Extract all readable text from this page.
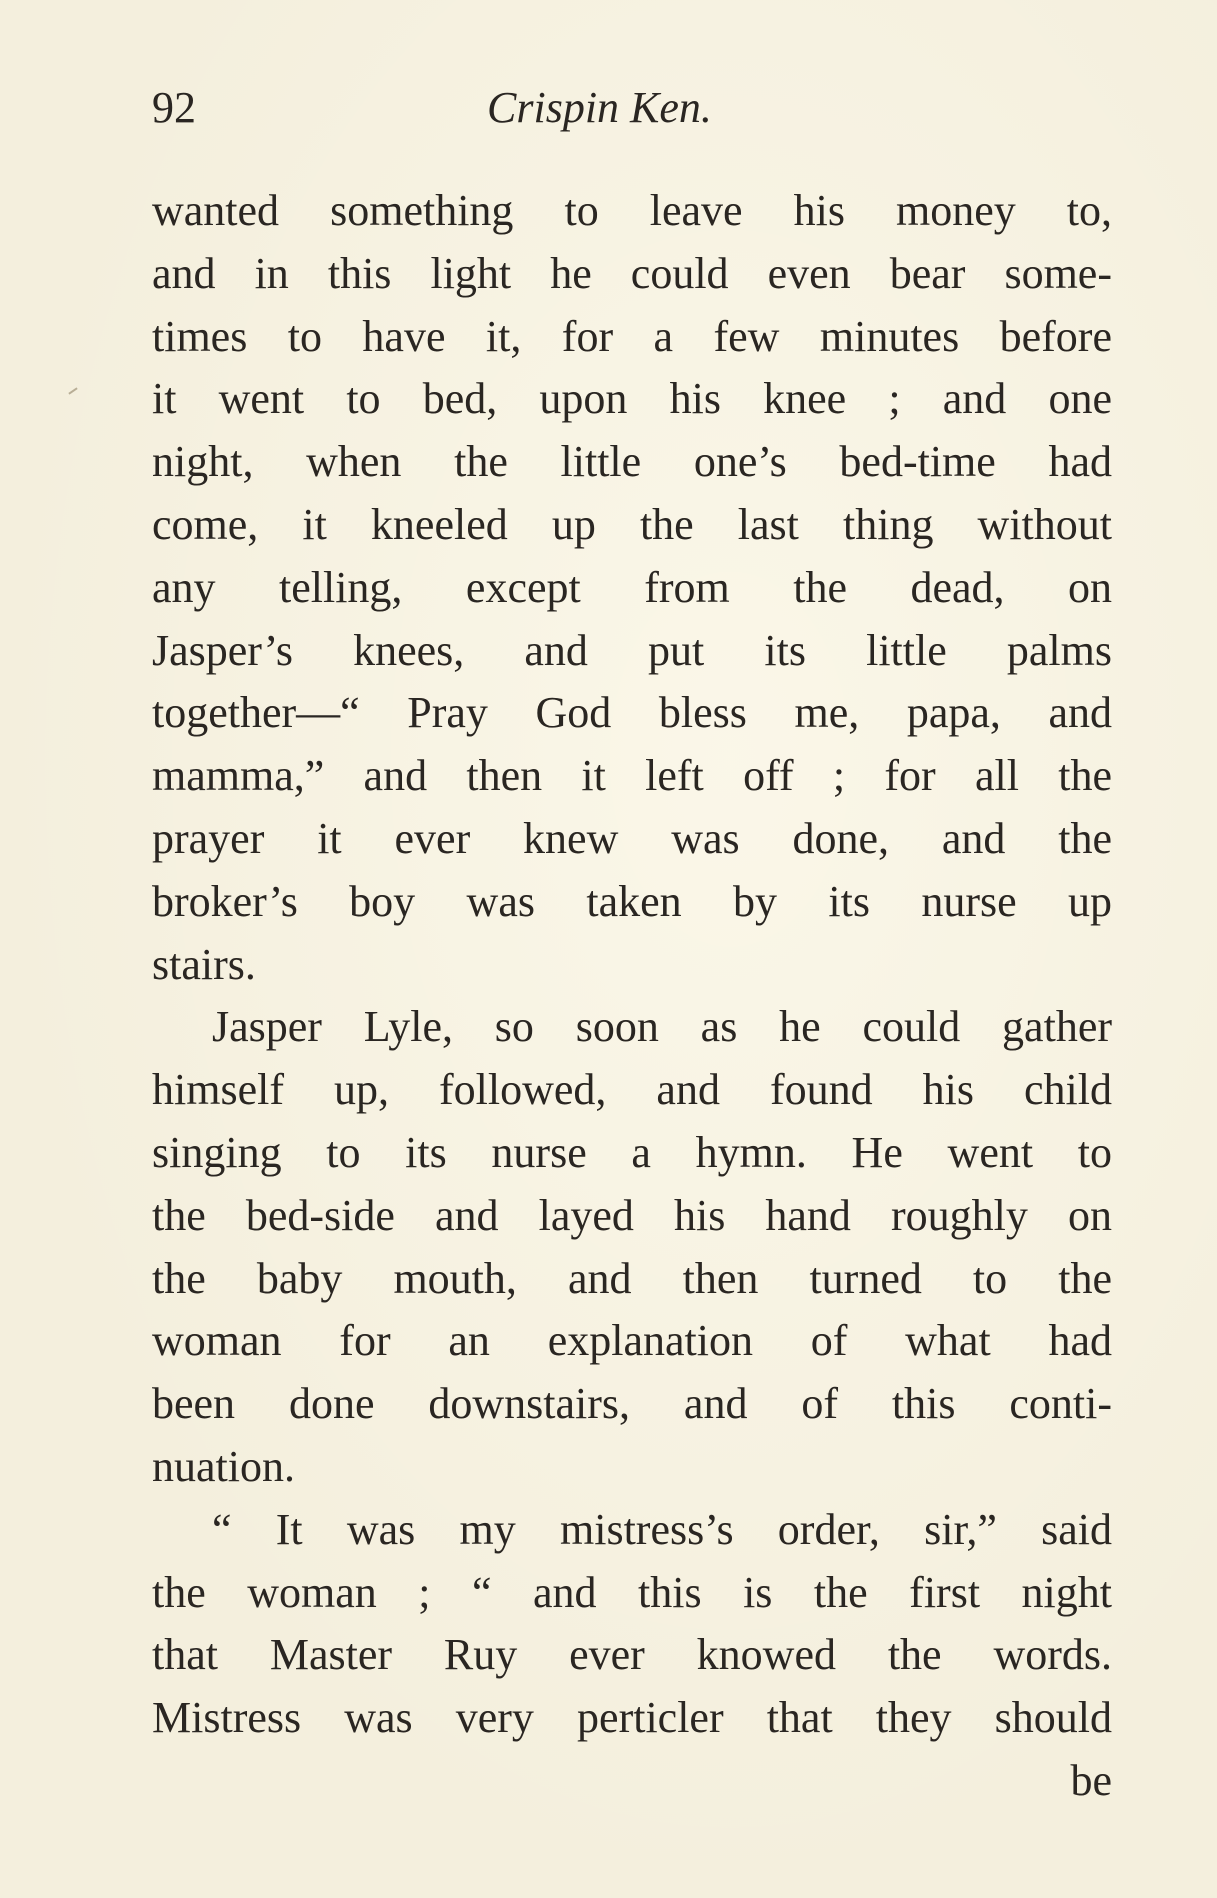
92	Crispin Ken.
wanted something to leave his money to,
and in this light he could even bear some-
times to have it, for a few minutes before
it went to bed, upon his knee ; and one
night, when the little one’s bed-time had
come, it kneeled up the last thing without
any telling, except from the dead, on
Jasper’s knees, and put its little palms
together—“ Pray God bless me, papa, and
mamma,” and then it left off ; for all the
prayer it ever knew was done, and the
broker’s boy was taken by its nurse up
stairs.
Jasper Lyle, so soon as he could gather
himself up, followed, and found his child
singing to its nurse a hymn. He went to
the bed-side and layed his hand roughly on
the baby mouth, and then turned to the
woman for an explanation of what had
been done downstairs, and of this conti-
nuation.
“ It was my mistress’s order, sir,” said
the woman ; “ and this is the first night
that Master Ruy ever knowed the words.
Mistress was very perticler that they should
be
